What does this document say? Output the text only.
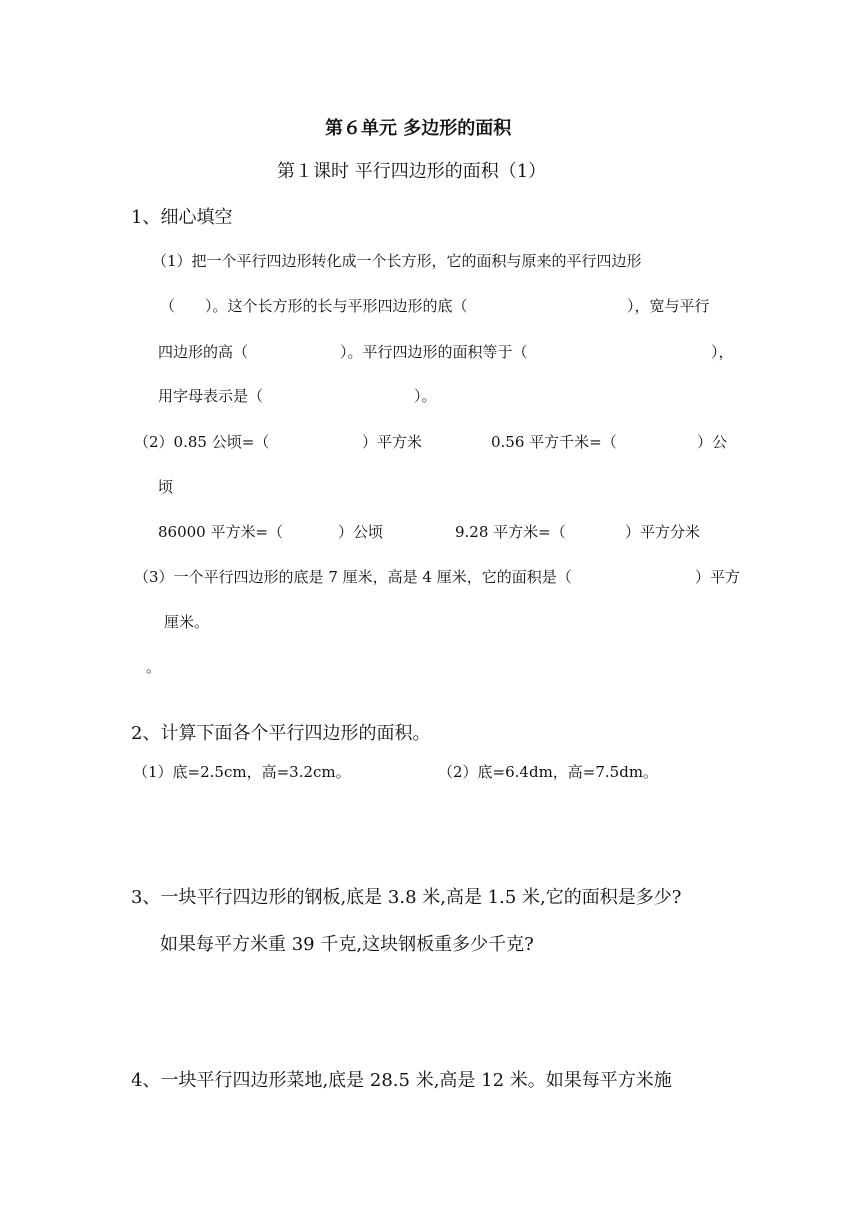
第６单元 多边形的面积
第１课时 平行四边形的面积（1）
1、细心填空
（1）把一个平行四边形转化成一个长方形，它的面积与原来的平行四边形
（　　）。这个长方形的长与平形四边形的底（	），宽与平行
四边形的高（	）。平行四边形的面积等于（	），
用字母表示是（	）。
（2）0.85 公顷=（	）平方米	0.56 平方千米=（	）公
顷
86000 平方米=（	）公顷	9.28 平方米=（	）平方分米
（3）一个平行四边形的底是 7 厘米，高是 4 厘米，它的面积是（	）平方
厘米。
。
2、计算下面各个平行四边形的面积。
（1）底=2.5cm，高=3.2cm。	（2）底=6.4dm，高=7.5dm。
3、一块平行四边形的钢板,底是 3.8 米,高是 1.5 米,它的面积是多少?
如果每平方米重 39 千克,这块钢板重多少千克?
4、一块平行四边形菜地,底是 28.5 米,高是 12 米。如果每平方米施
